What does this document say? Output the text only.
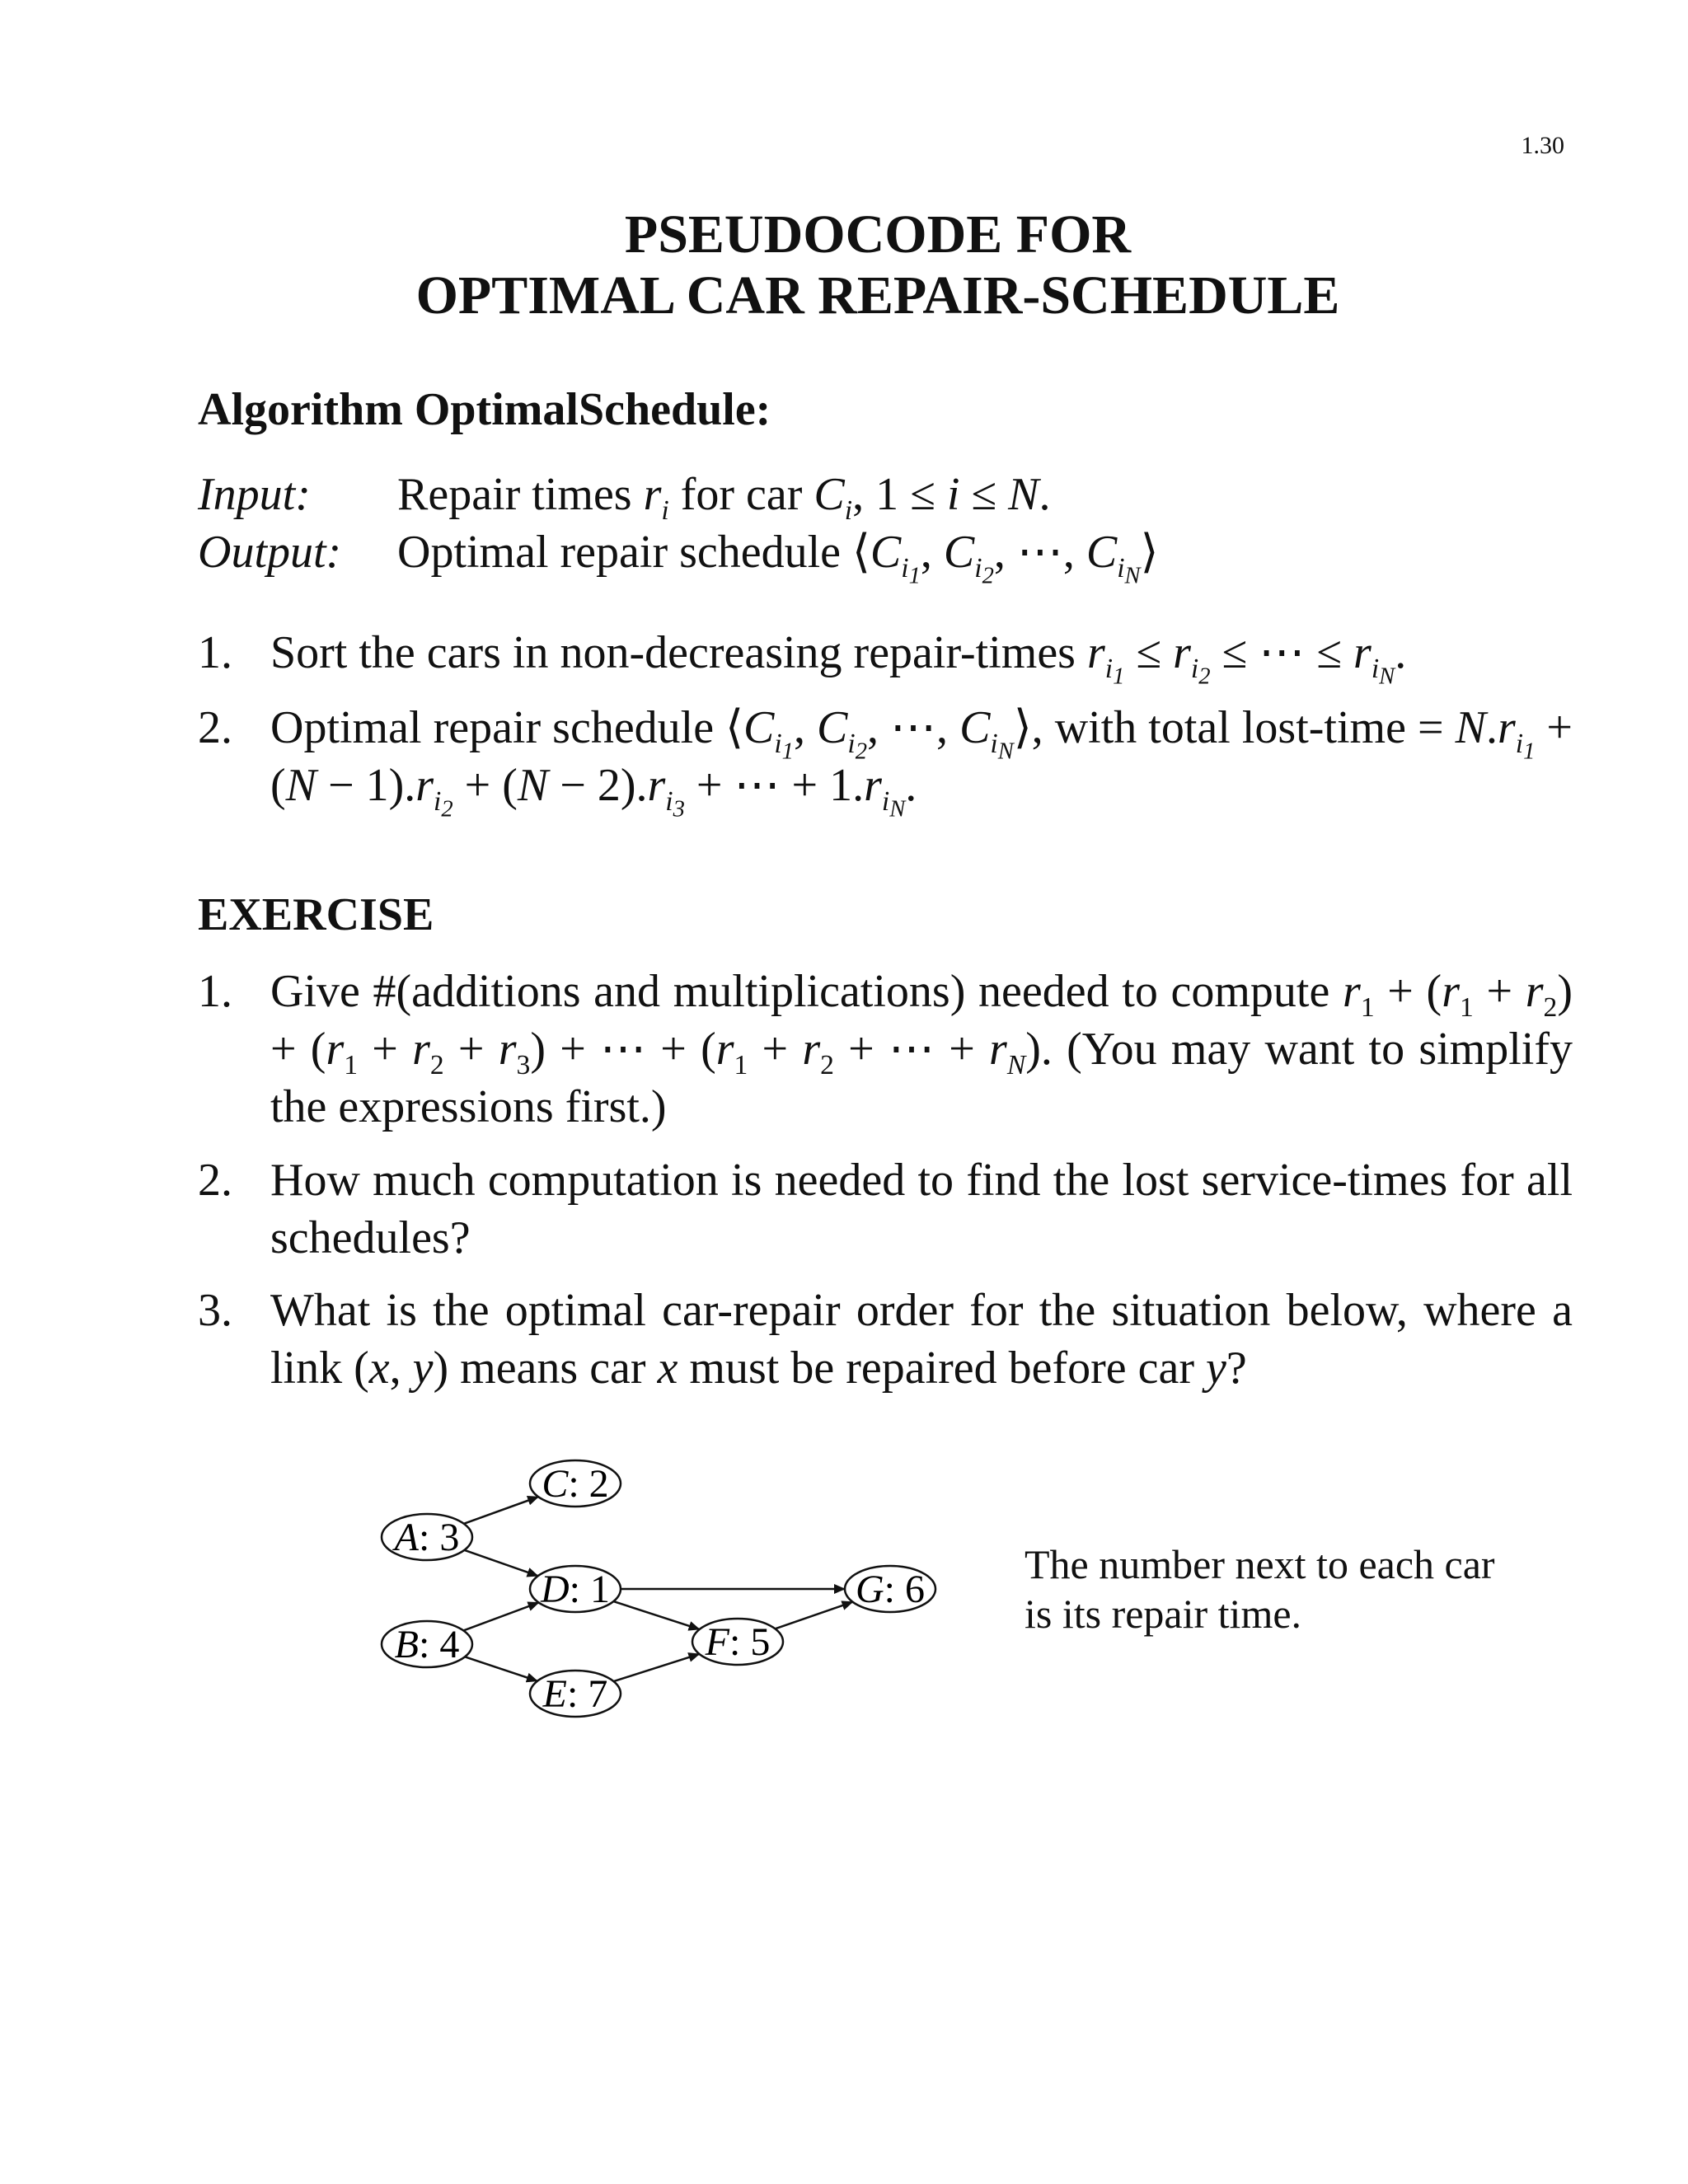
1.30
PSEUDOCODE FOR
OPTIMAL CAR REPAIR-SCHEDULE
Algorithm OptimalSchedule:
Input: Repair times $r_i$ for car $C_i$, 1 ≤ i ≤ N.
Output: Optimal repair schedule $⟨C_{i_1}$, $C_{i_2}$, ⋯, $C_{i_N}⟩$
1. Sort the cars in non-decreasing repair-times $r_{i_1} \le r_{i_2}$ ≤ ⋯ ≤ $r_{i_N}$.
2. Optimal repair schedule $⟨C_{i_1}$, $C_{i_2}$, ⋯, $C_{i_N}⟩$, with total lost-time = $N.r_{i_1} + (N - 1).r_{i_2} + (N - 2).r_{i_3}$ + ⋯ + $1.r_{i_N}$.
EXERCISE
1. Give #(additions and multiplications) needed to compute $r_1 + (r_1 + r_2) + (r_1 + r_2 + r_3)$ + ⋯ + ($r_1 + r_2$ + ⋯ + $r_N$). (You may want to simplify the expressions first.)
2. How much computation is needed to find the lost service-times for all schedules?
3. What is the optimal car-repair order for the situation below, where a link (x, y) means car x must be repaired before car y?
A: 3
B: 4
C: 2
D: 1
E: 7
F: 5
G: 6
The number next to each car is its repair time.
